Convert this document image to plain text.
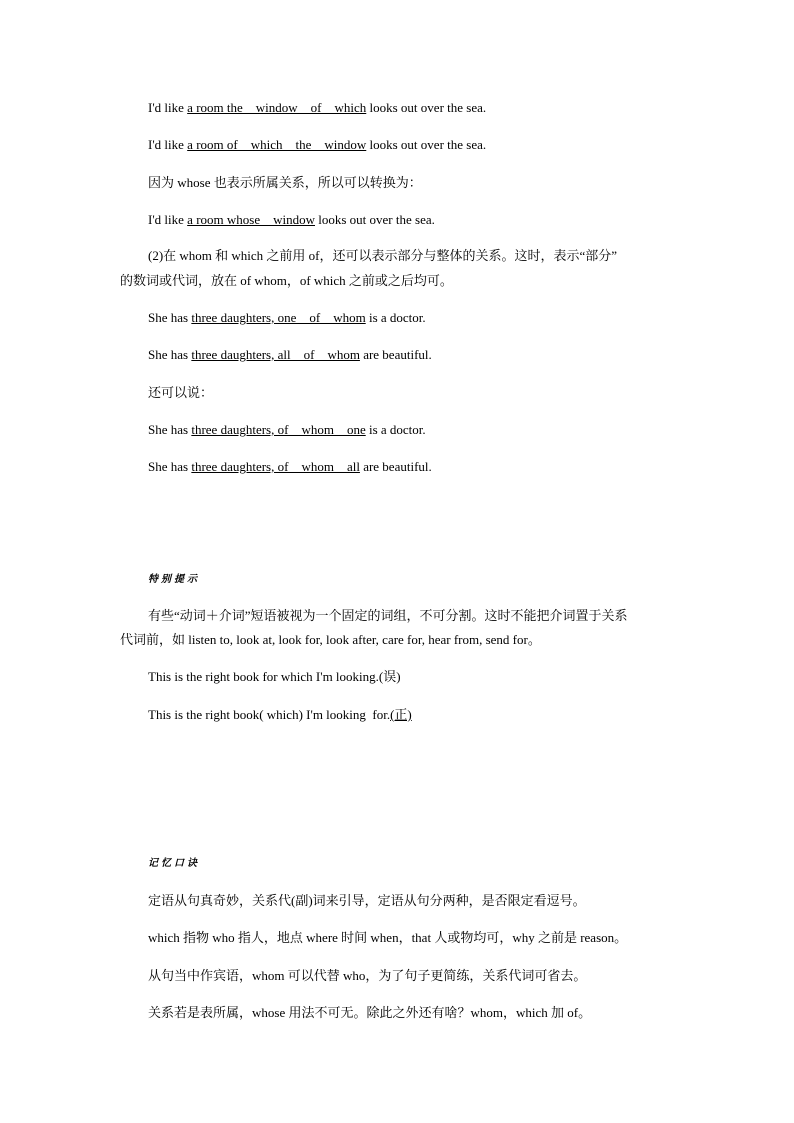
I'd like a room the    window    of    which looks out over the sea.
I'd like a room of    which    the    window looks out over the sea.
因为 whose 也表示所属关系，所以可以转换为：
I'd like a room whose    window looks out over the sea.
(2)在 whom 和 which 之前用 of，还可以表示部分与整体的关系。这时，表示“部分”
的数词或代词，放在 of whom，of which 之前或之后均可。
She has three daughters, one    of    whom is a doctor.
She has three daughters, all    of    whom are beautiful.
还可以说：
She has three daughters, of    whom    one is a doctor.
She has three daughters, of    whom    all are beautiful.
特别提示
有些“动词＋介词”短语被视为一个固定的词组，不可分割。这时不能把介词置于关系
代词前，如 listen to, look at, look for, look after, care for, hear from, send for。
This is the right book for which I'm looking.(误)
This is the right book( which) I'm looking  for.(正)
记忆口诀
定语从句真奇妙，关系代(副)词来引导，定语从句分两种，是否限定看逗号。
which 指物 who 指人，地点 where 时间 when，that 人或物均可，why 之前是 reason。
从句当中作宾语，whom 可以代替 who，为了句子更简练，关系代词可省去。
关系若是表所属，whose 用法不可无。除此之外还有啥？whom，which 加 of。
